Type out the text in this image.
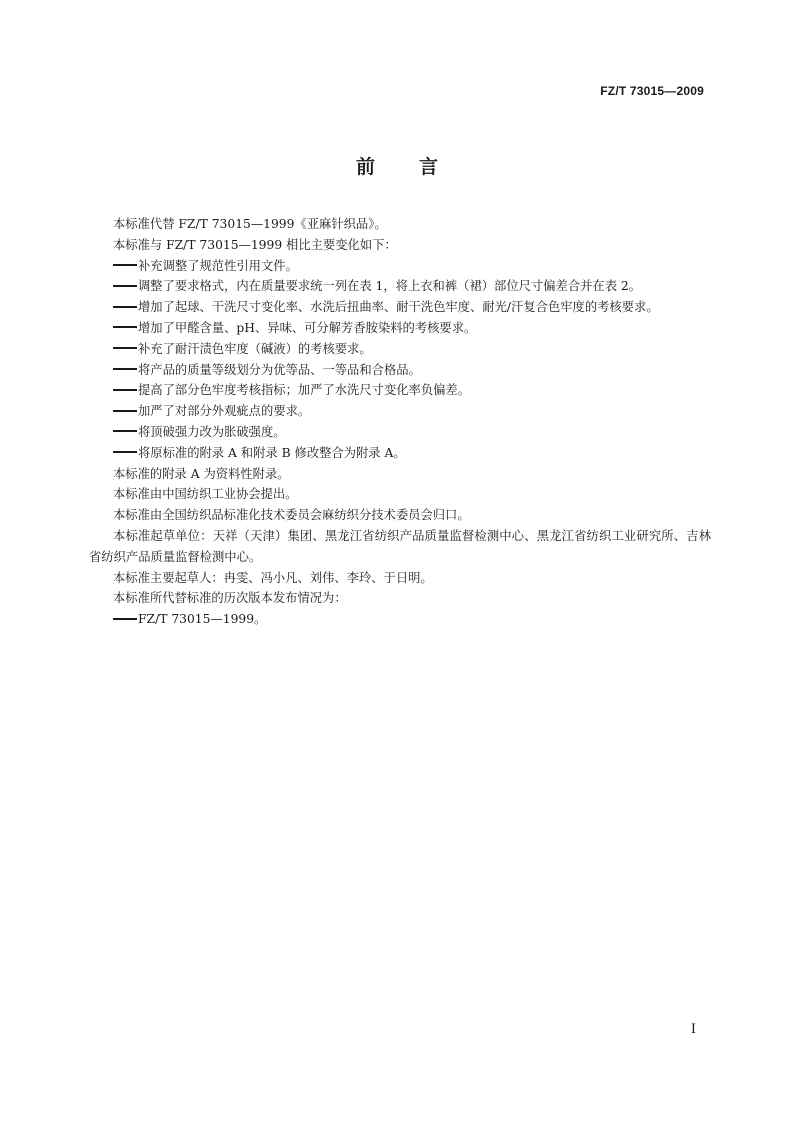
FZ/T 73015—2009
前言

本标准代替 FZ/T 73015—1999《亚麻针织品》。

本标准与 FZ/T 73015—1999 相比主要变化如下：

补充调整了规范性引用文件。

调整了要求格式，内在质量要求统一列在表 1，将上衣和裤（裙）部位尺寸偏差合并在表 2。

增加了起球、干洗尺寸变化率、水洗后扭曲率、耐干洗色牢度、耐光/汗复合色牢度的考核要求。

增加了甲醛含量、pH、异味、可分解芳香胺染料的考核要求。

补充了耐汗渍色牢度（碱液）的考核要求。

将产品的质量等级划分为优等品、一等品和合格品。

提高了部分色牢度考核指标；加严了水洗尺寸变化率负偏差。

加严了对部分外观疵点的要求。

将顶破强力改为胀破强度。

将原标准的附录 A 和附录 B 修改整合为附录 A。

本标准的附录 A 为资料性附录。

本标准由中国纺织工业协会提出。

本标准由全国纺织品标准化技术委员会麻纺织分技术委员会归口。

本标准起草单位：天祥（天津）集团、黑龙江省纺织产品质量监督检测中心、黑龙江省纺织工业研究所、吉林省纺织产品质量监督检测中心。

本标准主要起草人：冉雯、冯小凡、刘伟、李玲、于日明。

本标准所代替标准的历次版本发布情况为：

FZ/T 73015—1999。

I
